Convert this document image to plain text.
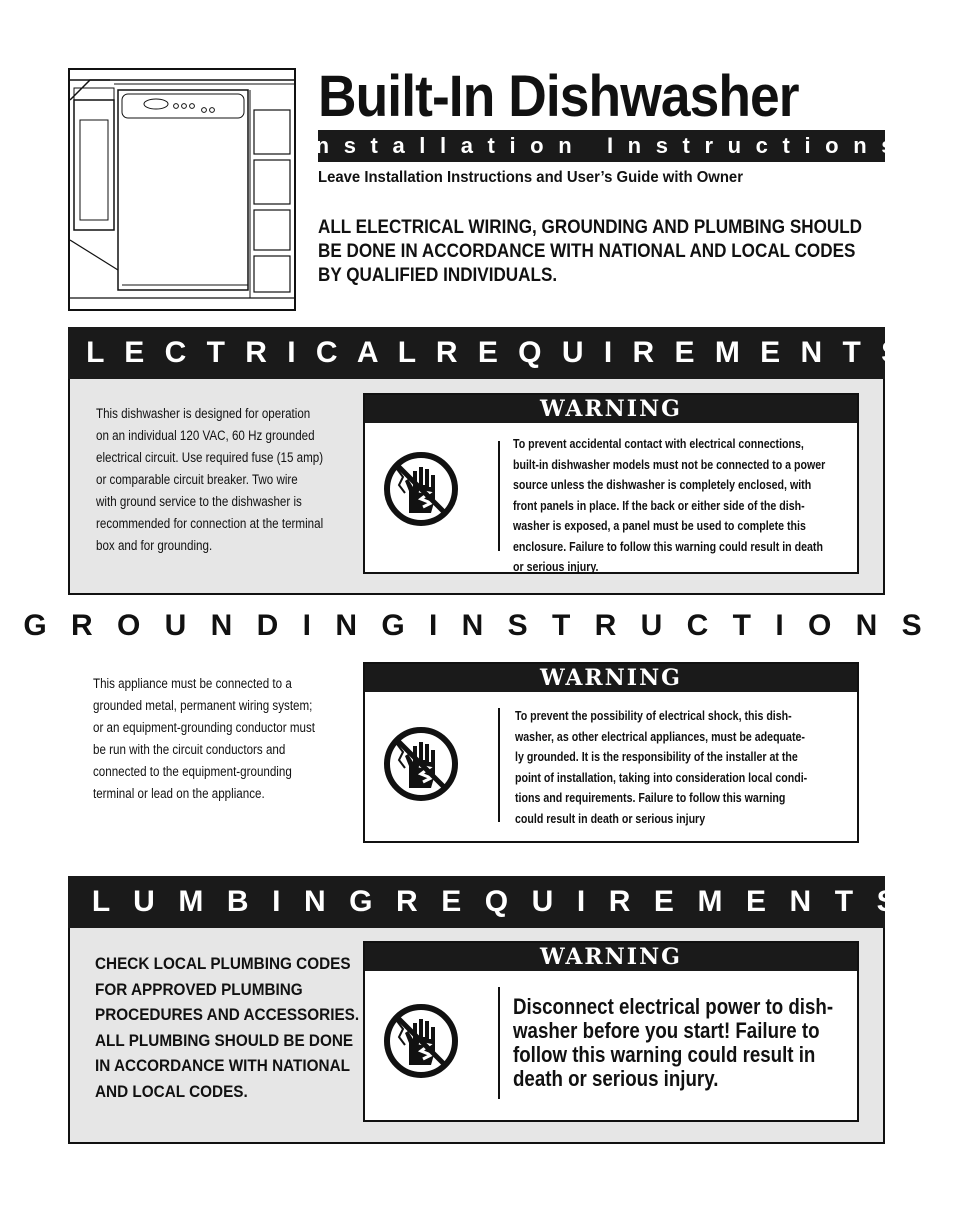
Built-In Dishwasher
Installation Instructions
Leave Installation Instructions and User’s Guide with Owner
ALL ELECTRICAL WIRING, GROUNDING AND PLUMBING SHOULD BE DONE IN ACCORDANCE WITH NATIONAL AND LOCAL CODES BY QUALIFIED INDIVIDUALS.
E L E C T R I C A L R E Q U I R E M E N T S
This dishwasher is designed for operation
on an individual 120 VAC, 60 Hz grounded
electrical circuit. Use required fuse (15 amp)
or comparable circuit breaker. Two wire
with ground service to the dishwasher is
recommended for connection at the terminal
box and for grounding.
WARNING
To prevent accidental contact with electrical connections,
built-in dishwasher models must not be connected to a power
source unless the dishwasher is completely enclosed, with
front panels in place. If the back or either side of the dish-
washer is exposed, a panel must be used to complete this
enclosure. Failure to follow this warning could result in death
or serious injury.
G R O U N D I N G I N S T R U C T I O N S
This appliance must be connected to a
grounded metal, permanent wiring system;
or an equipment-grounding conductor must
be run with the circuit conductors and
connected to the equipment-grounding
terminal or lead on the appliance.
WARNING
To prevent the possibility of electrical shock, this dish-
washer, as other electrical appliances, must be adequate-
ly grounded. It is the responsibility of the installer at the
point of installation, taking into consideration local condi-
tions and requirements. Failure to follow this warning
could result in death or serious injury
P L U M B I N G R E Q U I R E M E N T S
CHECK LOCAL PLUMBING CODES
FOR APPROVED PLUMBING
PROCEDURES AND ACCESSORIES.
ALL PLUMBING SHOULD BE DONE
IN ACCORDANCE WITH NATIONAL
AND LOCAL CODES.
WARNING
Disconnect electrical power to dish-
washer before you start! Failure to
follow this warning could result in
death or serious injury.
